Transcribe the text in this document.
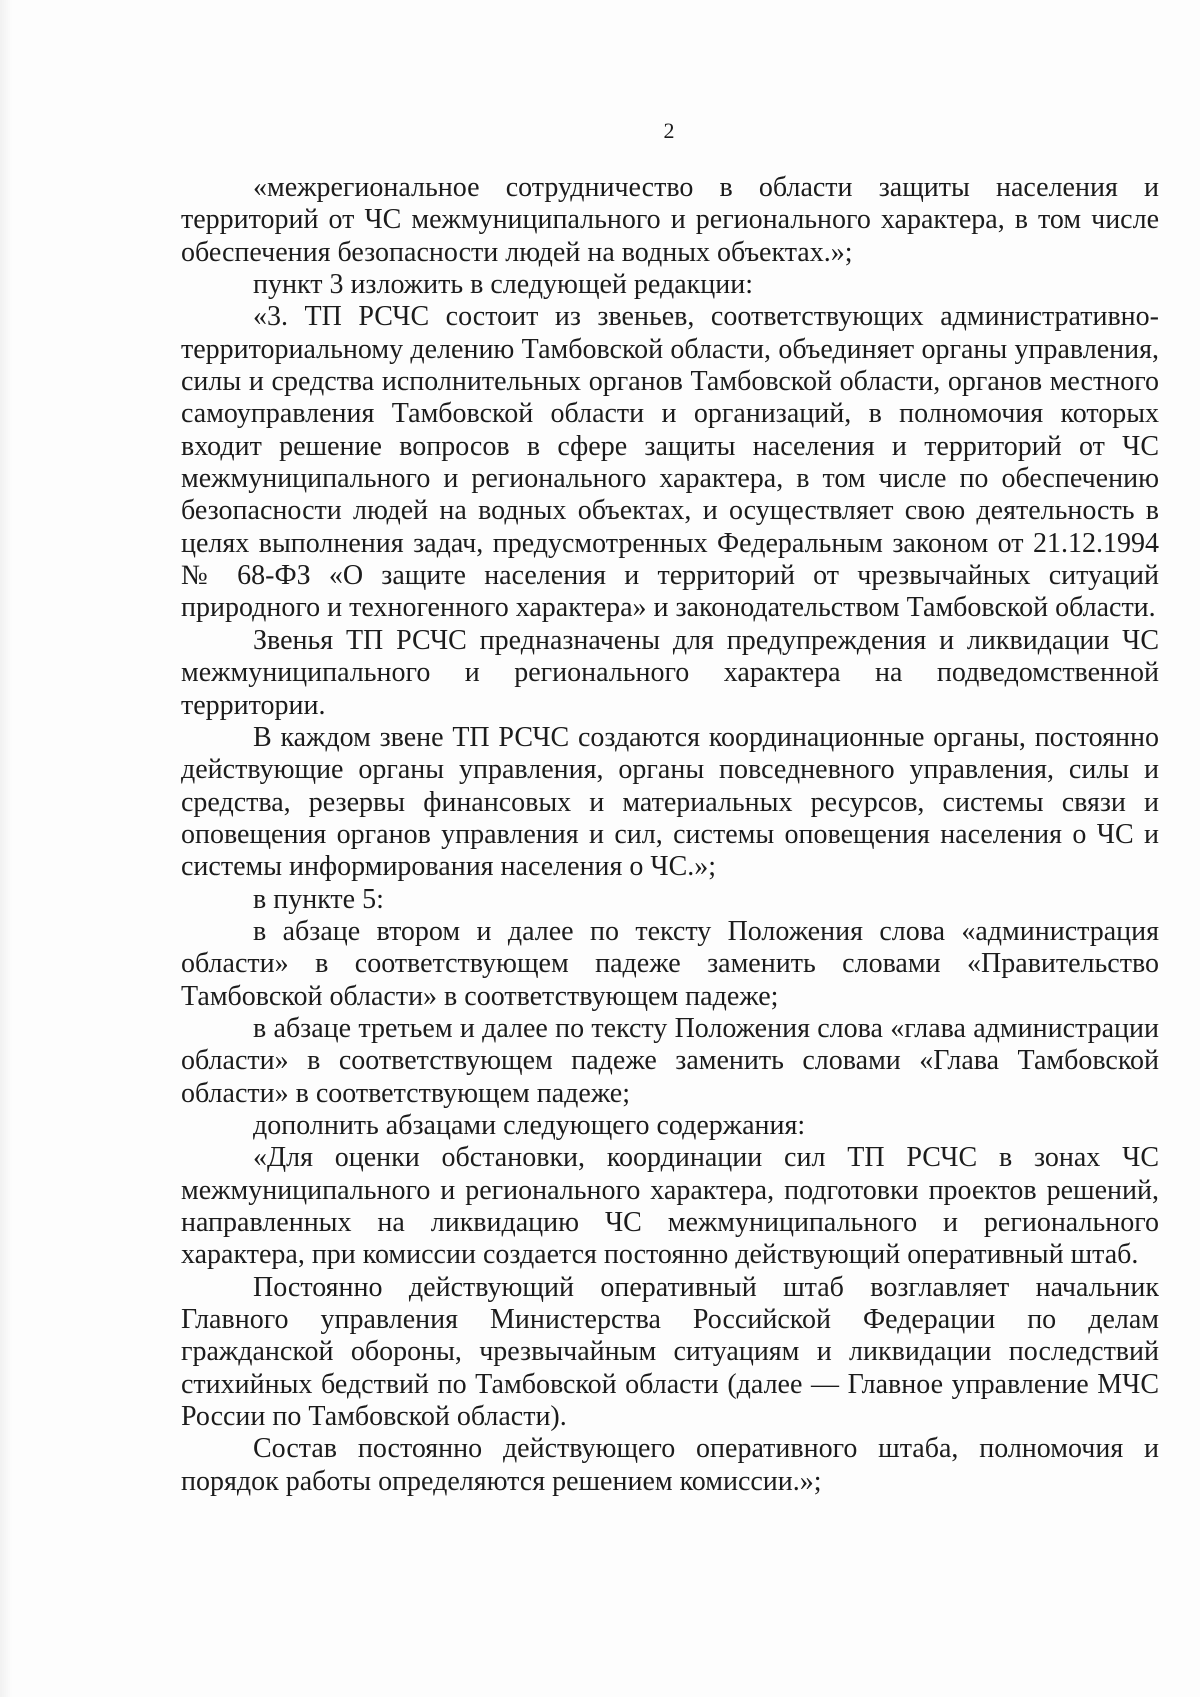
2

«межрегиональное сотрудничество в области защиты населения и территорий от ЧС межмуниципального и регионального характера, в том числе обеспечения безопасности людей на водных объектах.»;

пункт 3 изложить в следующей редакции:

«3. ТП РСЧС состоит из звеньев, соответствующих административно-территориальному делению Тамбовской области, объединяет органы управления, силы и средства исполнительных органов Тамбовской области, органов местного самоуправления Тамбовской области и организаций, в полномочия которых входит решение вопросов в сфере защиты населения и территорий от ЧС межмуниципального и регионального характера, в том числе по обеспечению безопасности людей на водных объектах, и осуществляет свою деятельность в целях выполнения задач, предусмотренных Федеральным законом от 21.12.1994 № 68-ФЗ «О защите населения и территорий от чрезвычайных ситуаций природного и техногенного характера» и законодательством Тамбовской области.

Звенья ТП РСЧС предназначены для предупреждения и ликвидации ЧС межмуниципального и регионального характера на подведомственной территории.

В каждом звене ТП РСЧС создаются координационные органы, постоянно действующие органы управления, органы повседневного управления, силы и средства, резервы финансовых и материальных ресурсов, системы связи и оповещения органов управления и сил, системы оповещения населения о ЧС и системы информирования населения о ЧС.»;

в пункте 5:

в абзаце втором и далее по тексту Положения слова «администрация области» в соответствующем падеже заменить словами «Правительство Тамбовской области» в соответствующем падеже;

в абзаце третьем и далее по тексту Положения слова «глава администрации области» в соответствующем падеже заменить словами «Глава Тамбовской области» в соответствующем падеже;

дополнить абзацами следующего содержания:

«Для оценки обстановки, координации сил ТП РСЧС в зонах ЧС межмуниципального и регионального характера, подготовки проектов решений, направленных на ликвидацию ЧС межмуниципального и регионального характера, при комиссии создается постоянно действующий оперативный штаб.

Постоянно действующий оперативный штаб возглавляет начальник Главного управления Министерства Российской Федерации по делам гражданской обороны, чрезвычайным ситуациям и ликвидации последствий стихийных бедствий по Тамбовской области (далее — Главное управление МЧС России по Тамбовской области).

Состав постоянно действующего оперативного штаба, полномочия и порядок работы определяются решением комиссии.»;
